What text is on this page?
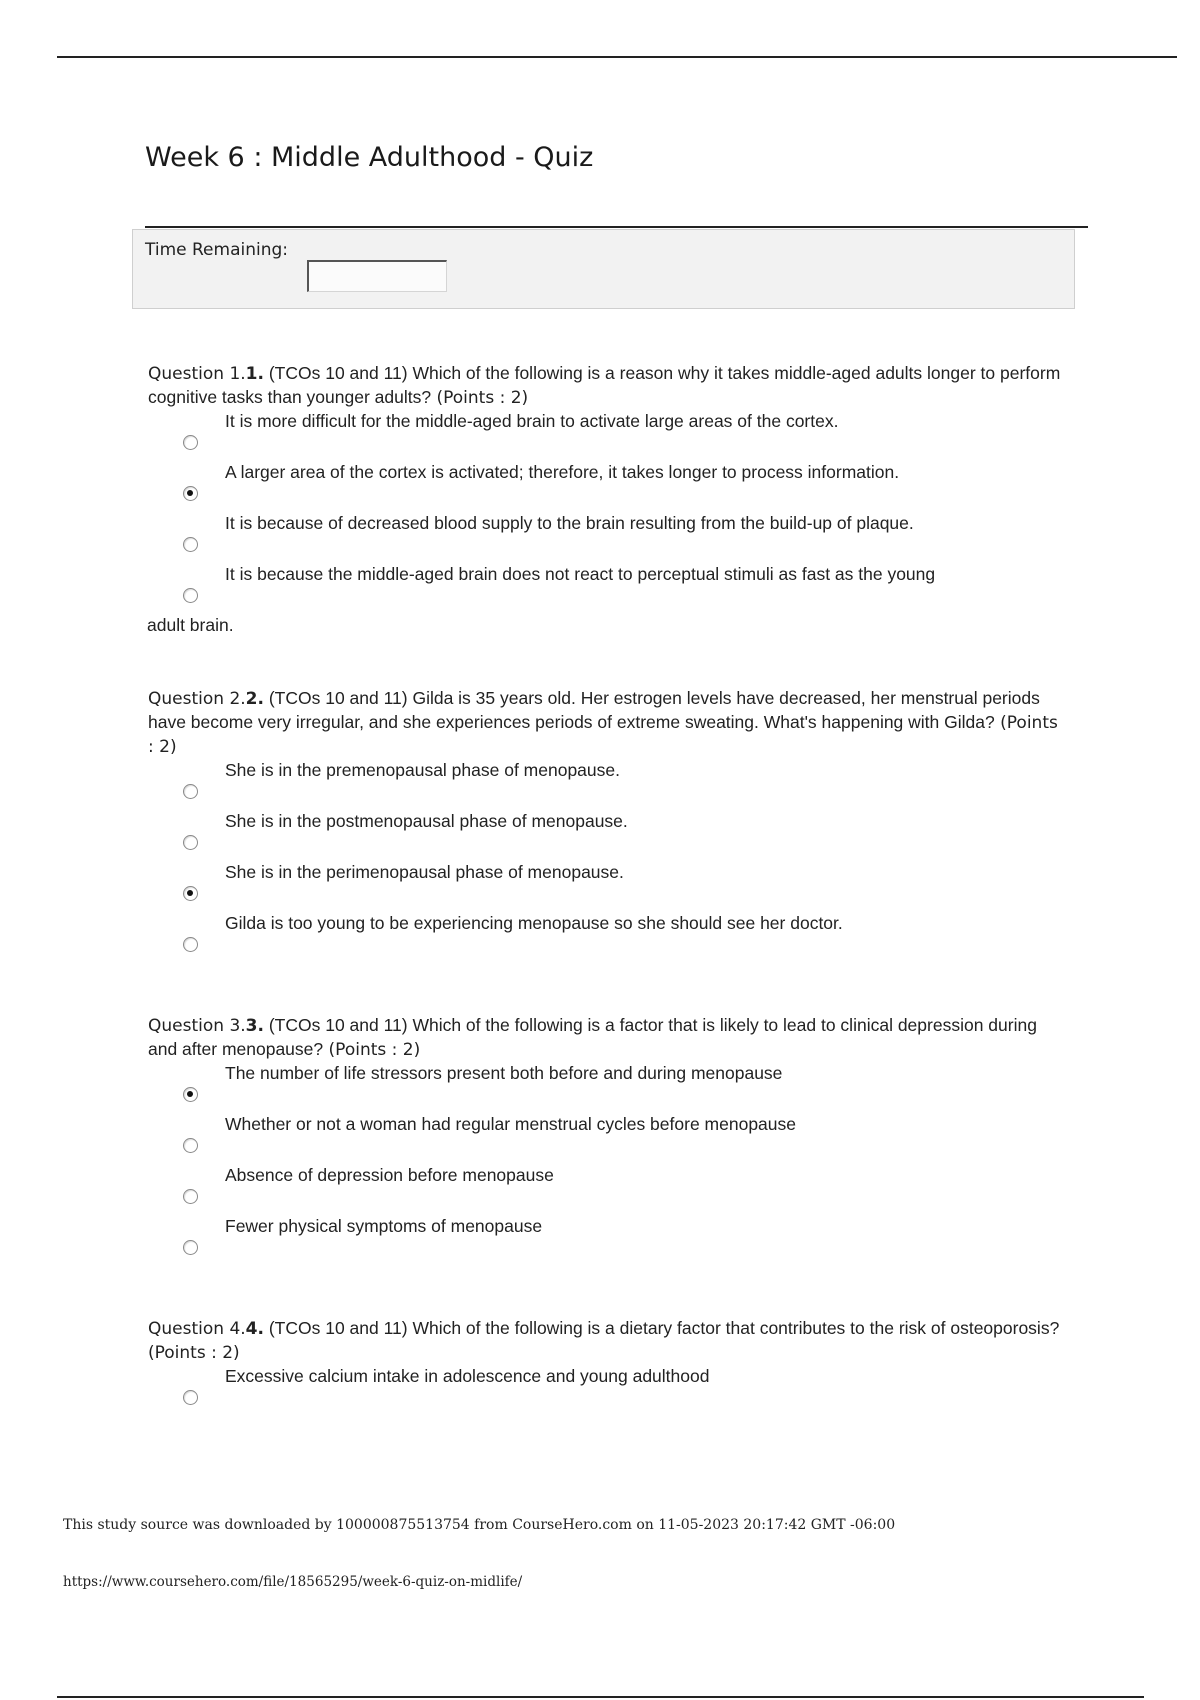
Week 6 : Middle Adulthood - Quiz
Time Remaining:
Question 1.1. (TCOs 10 and 11) Which of the following is a reason why it takes middle-aged adults longer to perform cognitive tasks than younger adults? (Points : 2)
It is more difficult for the middle-aged brain to activate large areas of the cortex.
A larger area of the cortex is activated; therefore, it takes longer to process information.
It is because of decreased blood supply to the brain resulting from the build-up of plaque.
It is because the middle-aged brain does not react to perceptual stimuli as fast as the young
adult brain.
Question 2.2. (TCOs 10 and 11) Gilda is 35 years old. Her estrogen levels have decreased, her menstrual periods have become very irregular, and she experiences periods of extreme sweating. What's happening with Gilda? (Points : 2)
She is in the premenopausal phase of menopause.
She is in the postmenopausal phase of menopause.
She is in the perimenopausal phase of menopause.
Gilda is too young to be experiencing menopause so she should see her doctor.
Question 3.3. (TCOs 10 and 11) Which of the following is a factor that is likely to lead to clinical depression during and after menopause? (Points : 2)
The number of life stressors present both before and during menopause
Whether or not a woman had regular menstrual cycles before menopause
Absence of depression before menopause
Fewer physical symptoms of menopause
Question 4.4. (TCOs 10 and 11) Which of the following is a dietary factor that contributes to the risk of osteoporosis? (Points : 2)
Excessive calcium intake in adolescence and young adulthood
This study source was downloaded by 100000875513754 from CourseHero.com on 11-05-2023 20:17:42 GMT -06:00
https://www.coursehero.com/file/18565295/week-6-quiz-on-midlife/
